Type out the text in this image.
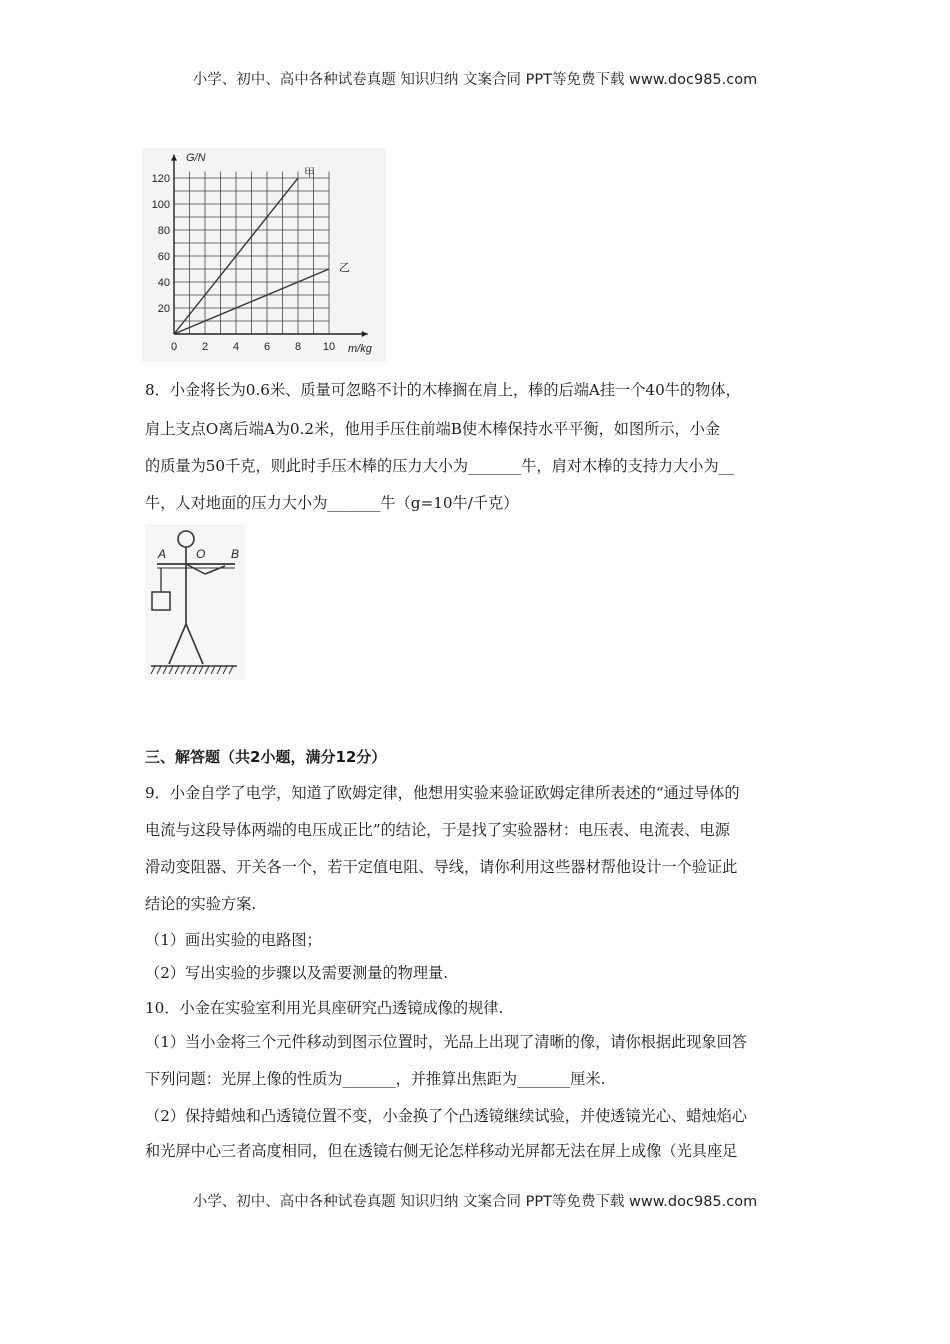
小学、初中、高中各种试卷真题 知识归纳 文案合同 PPT等免费下载 www.doc985.com
0 2 4 6 8 10
20
40
60
80
100
120	甲
乙
G/N
m/kg
8．小金将长为0.6米、质量可忽略不计的木棒搁在肩上，棒的后端A挂一个40牛的物体，
肩上支点O离后端A为0.2米，他用手压住前端B使木棒保持水平平衡，如图所示，小金
的质量为50千克，则此时手压木棒的压力大小为_______牛，肩对木棒的支持力大小为__
牛，人对地面的压力大小为_______牛（g=10牛/千克）
A O B
三、解答题（共2小题，满分12分）
9．小金自学了电学，知道了欧姆定律，他想用实验来验证欧姆定律所表述的“通过导体的
电流与这段导体两端的电压成正比”的结论，于是找了实验器材：电压表、电流表、电源
滑动变阻器、开关各一个，若干定值电阻、导线，请你利用这些器材帮他设计一个验证此
结论的实验方案.
（1）画出实验的电路图；
（2）写出实验的步骤以及需要测量的物理量.
10．小金在实验室利用光具座研究凸透镜成像的规律.
（1）当小金将三个元件移动到图示位置时，光品上出现了清晰的像，请你根据此现象回答
下列问题：光屏上像的性质为_______，并推算出焦距为_______厘米.
（2）保持蜡烛和凸透镜位置不变，小金换了个凸透镜继续试验，并使透镜光心、蜡烛焰心
和光屏中心三者高度相同，但在透镜右侧无论怎样移动光屏都无法在屏上成像（光具座足
小学、初中、高中各种试卷真题 知识归纳 文案合同 PPT等免费下载 www.doc985.com
